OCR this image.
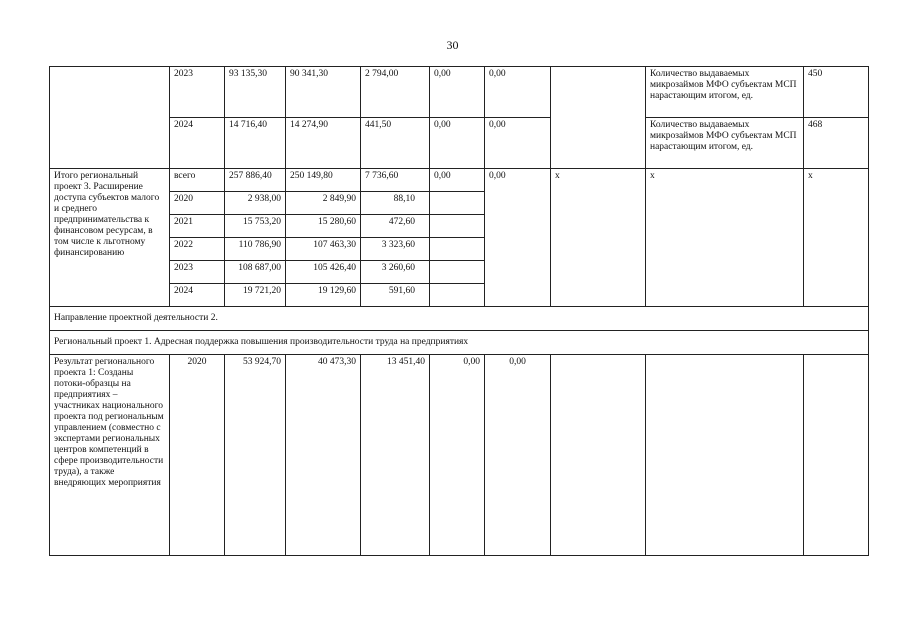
30
	2023	93 135,30	90 341,30	2 794,00	0,00	0,00		Количество выдаваемых микрозаймов МФО субъектам МСП нарастающим итогом, ед.	450
	2024	14 716,40	14 274,90	441,50	0,00	0,00		Количество выдаваемых микрозаймов МФО субъектам МСП нарастающим итогом, ед.	468
Итого региональный проект 3. Расширение доступа субъектов малого и среднего предпринимательства к финансовом ресурсам, в том числе к льготному финансированию	всего	257 886,40	250 149,80	7 736,60	0,00	0,00	x	x	x
	2020	2 938,00	2 849,90	88,10					
	2021	15 753,20	15 280,60	472,60					
	2022	110 786,90	107 463,30	3 323,60					
	2023	108 687,00	105 426,40	3 260,60					
	2024	19 721,20	19 129,60	591,60					
Направление проектной деятельности 2.									
Региональный проект 1. Адресная поддержка повышения производительности труда на предприятиях									
Результат регионального проекта 1: Созданы потоки-образцы на предприятиях – участниках национального проекта под региональным управлением (совместно с экспертами региональных центров компетенций в сфере производительности труда), а также внедряющих мероприятия	2020	53 924,70	40 473,30	13 451,40	0,00	0,00			
